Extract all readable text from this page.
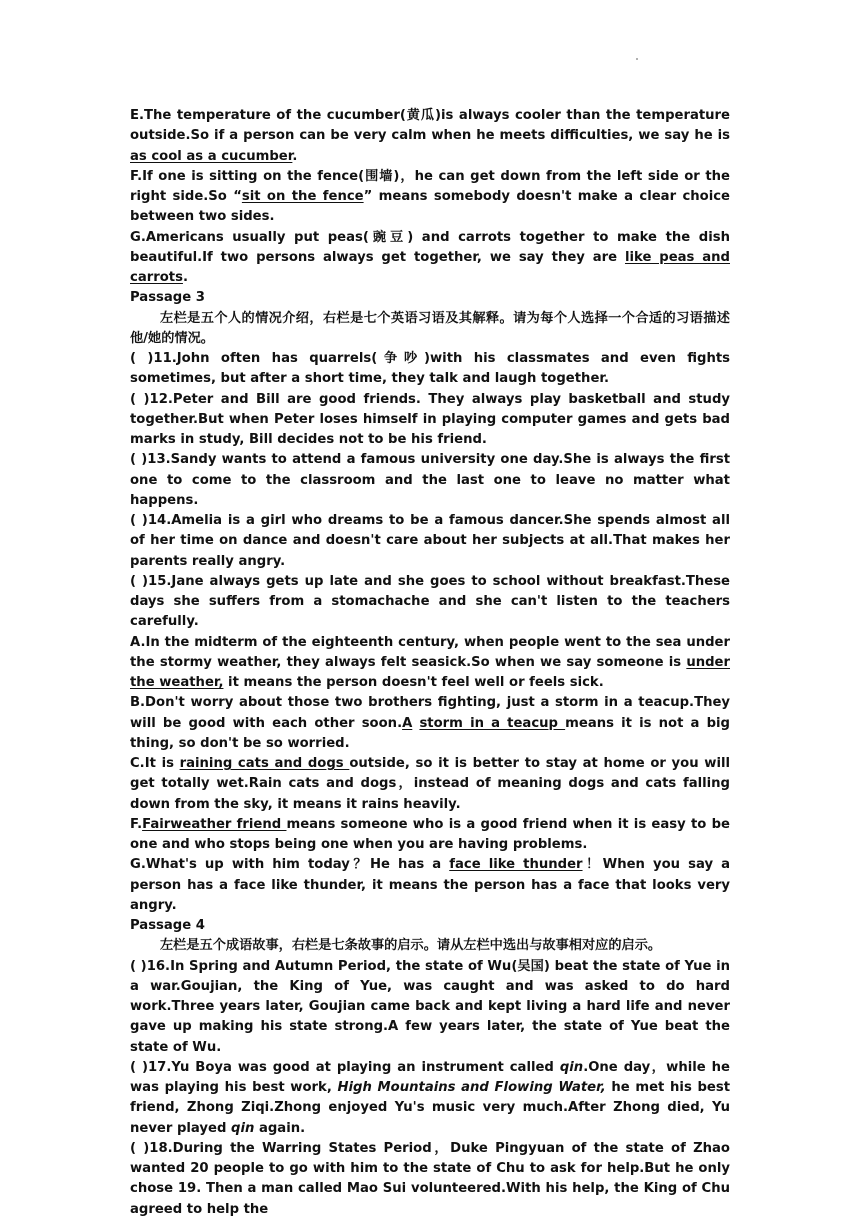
E.The temperature of the cucumber(黄瓜)is always cooler than the temperature outside.So if a person can be very calm when he meets difficulties, we say he is as cool as a cucumber.

F.If one is sitting on the fence(围墙)，he can get down from the left side or the right side.So “sit on the fence” means somebody doesn't make a clear choice between two sides.

G.Americans usually put peas(豌豆) and carrots together to make the dish beautiful.If two persons always get together, we say they are like peas and carrots.

Passage 3

左栏是五个人的情况介绍，右栏是七个英语习语及其解释。请为每个人选择一个合适的习语描述他/她的情况。

( )11.John often has quarrels(争吵)with his classmates and even fights sometimes, but after a short time, they talk and laugh together.

( )12.Peter and Bill are good friends. They always play basketball and study together.But when Peter loses himself in playing computer games and gets bad marks in study, Bill decides not to be his friend.

( )13.Sandy wants to attend a famous university one day.She is always the first one to come to the classroom and the last one to leave no matter what happens.

( )14.Amelia is a girl who dreams to be a famous dancer.She spends almost all of her time on dance and doesn't care about her subjects at all.That makes her parents really angry.

( )15.Jane always gets up late and she goes to school without breakfast.These days she suffers from a stomachache and she can't listen to the teachers carefully.

A.In the midterm of the eighteenth century, when people went to the sea under the stormy weather, they always felt seasick.So when we say someone is under the weather, it means the person doesn't feel well or feels sick.

B.Don't worry about those two brothers fighting, just a storm in a teacup.They will be good with each other soon.A storm in a teacup means it is not a big thing, so don't be so worried.

C.It is raining cats and dogs outside, so it is better to stay at home or you will get totally wet.Rain cats and dogs，instead of meaning dogs and cats falling down from the sky, it means it rains heavily.

F.Fairweather friend means someone who is a good friend when it is easy to be one and who stops being one when you are having problems.

G.What's up with him today？He has a face like thunder！When you say a person has a face like thunder, it means the person has a face that looks very angry.

Passage 4

左栏是五个成语故事，右栏是七条故事的启示。请从左栏中选出与故事相对应的启示。

( )16.In Spring and Autumn Period, the state of Wu(吴国) beat the state of Yue in a war.Goujian, the King of Yue, was caught and was asked to do hard work.Three years later, Goujian came back and kept living a hard life and never gave up making his state strong.A few years later, the state of Yue beat the state of Wu.

( )17.Yu Boya was good at playing an instrument called qin.One day，while he was playing his best work, High Mountains and Flowing Water, he met his best friend, Zhong Ziqi.Zhong enjoyed Yu's music very much.After Zhong died, Yu never played qin again.

( )18.During the Warring States Period，Duke Pingyuan of the state of Zhao wanted 20 people to go with him to the state of Chu to ask for help.But he only chose 19. Then a man called Mao Sui volunteered.With his help, the King of Chu agreed to help the
